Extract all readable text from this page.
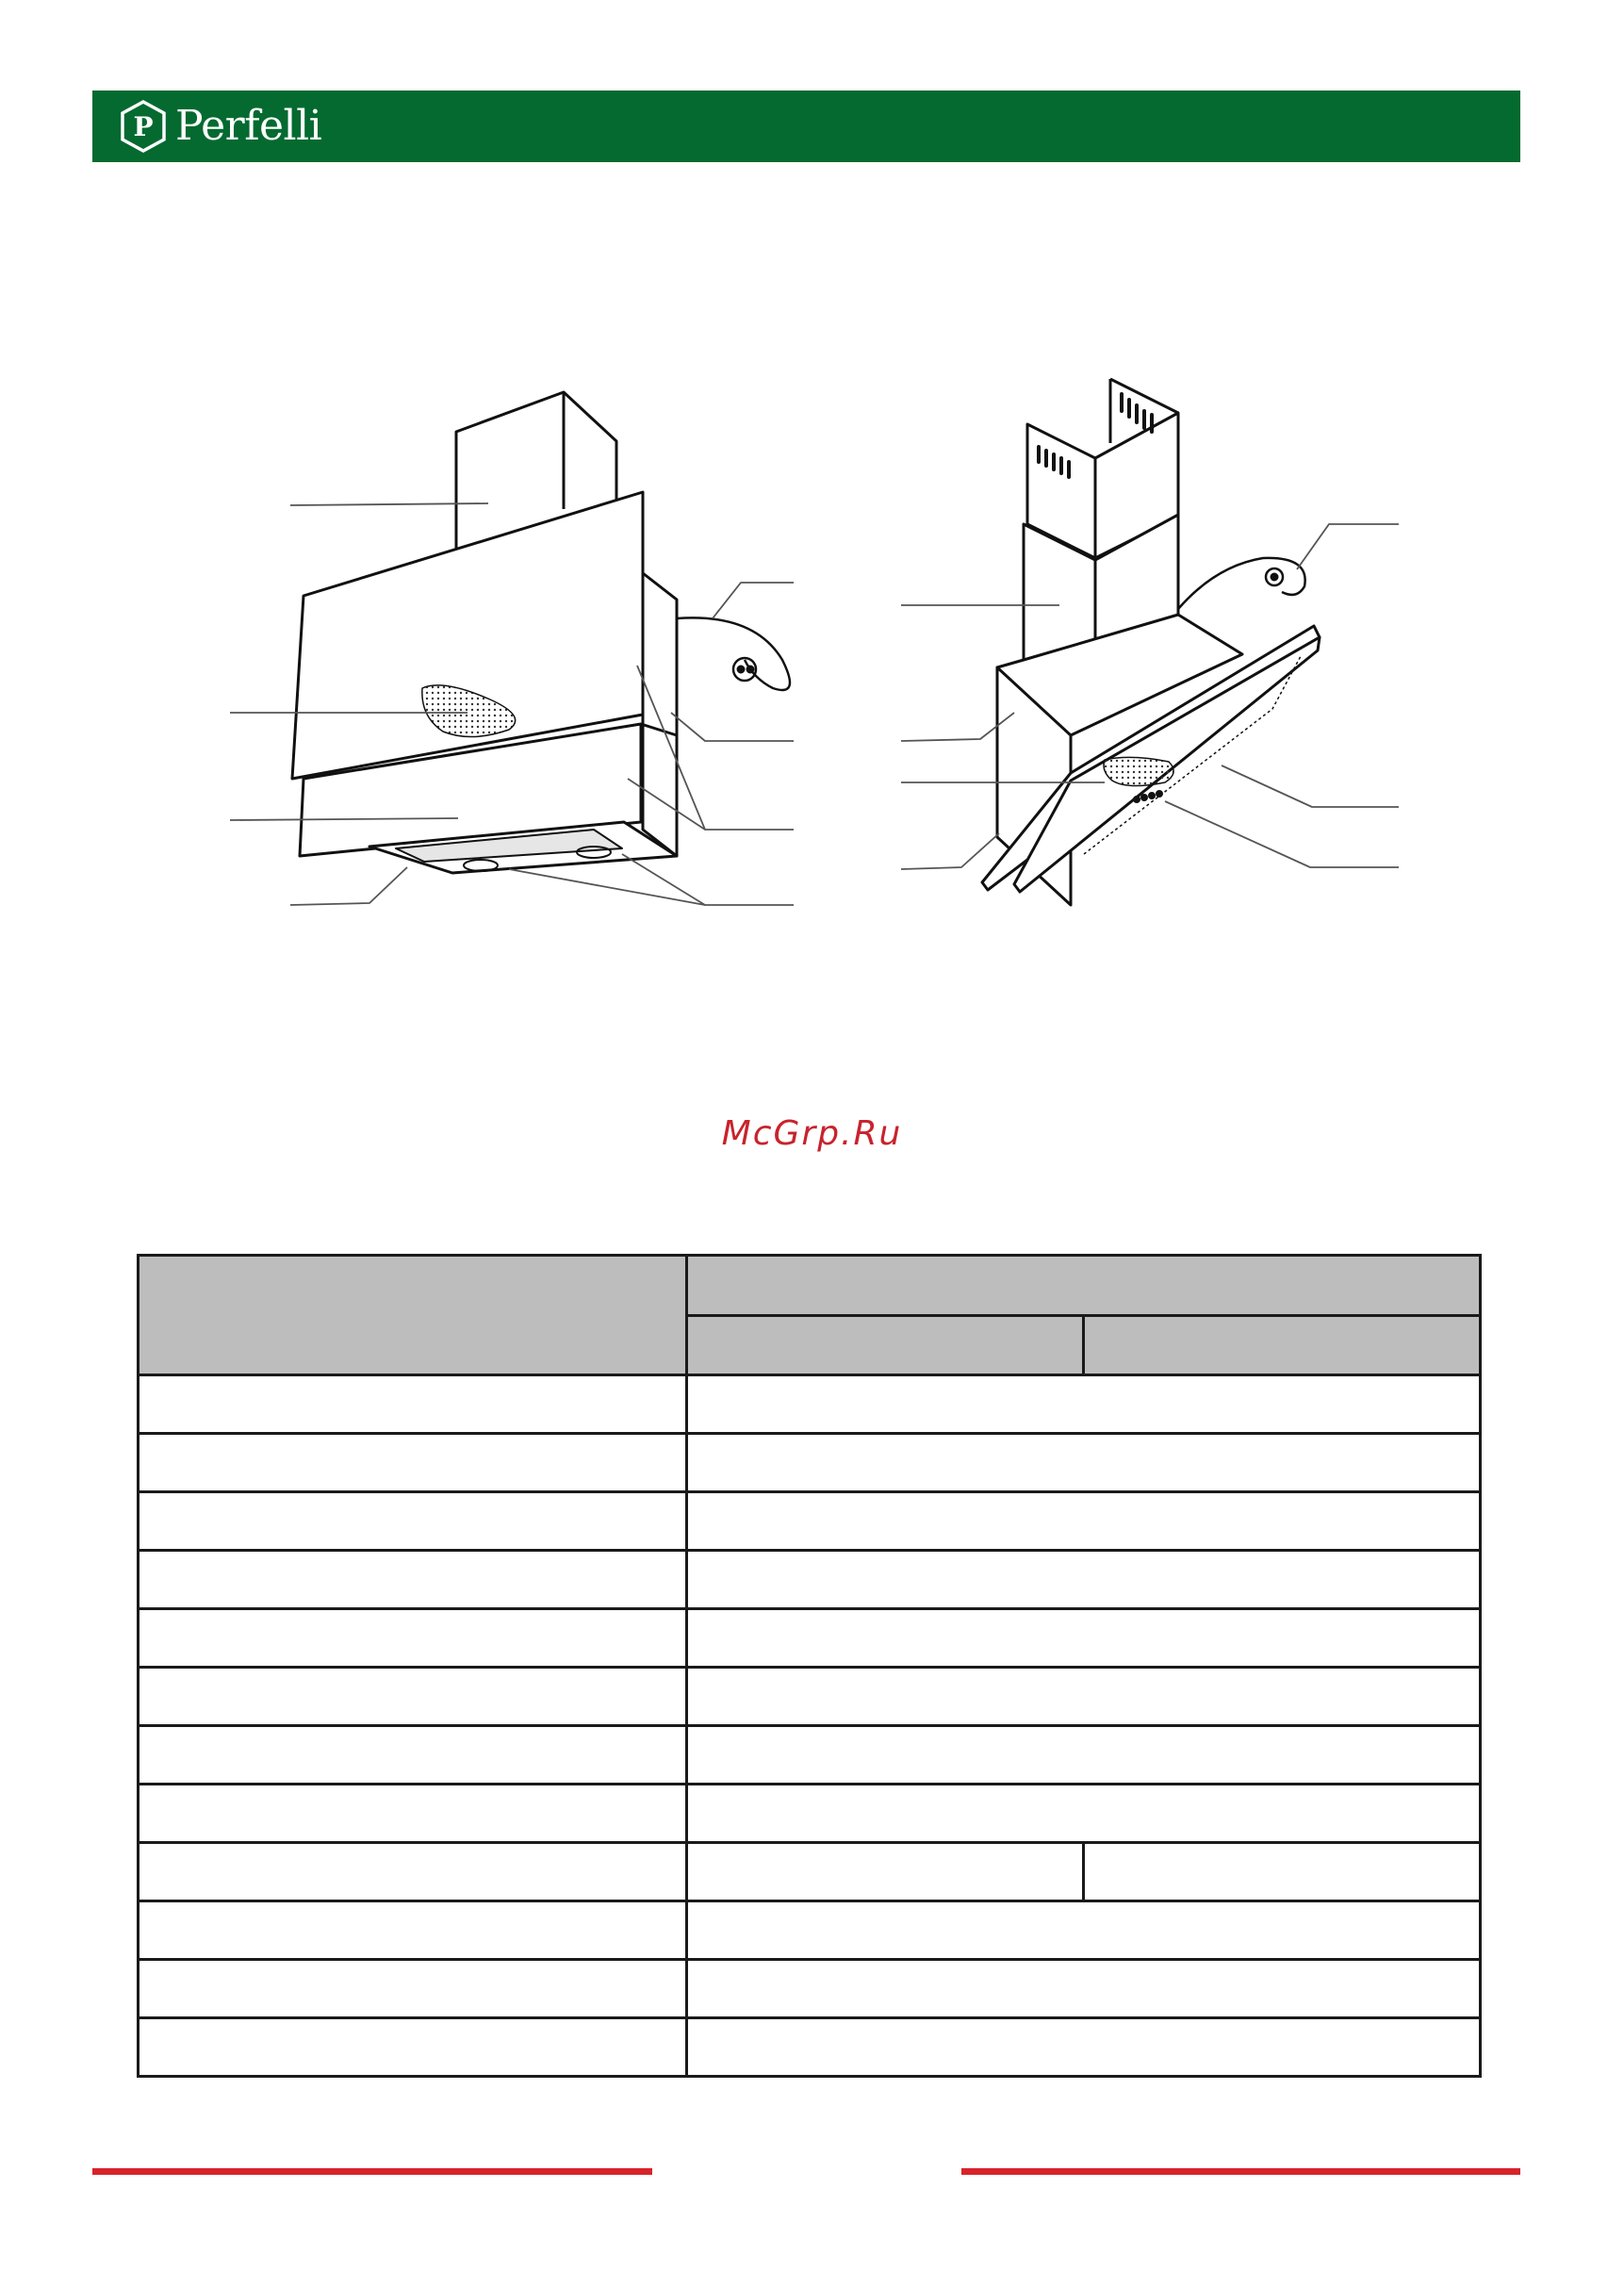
P Perfelli
McGrp.Ru
